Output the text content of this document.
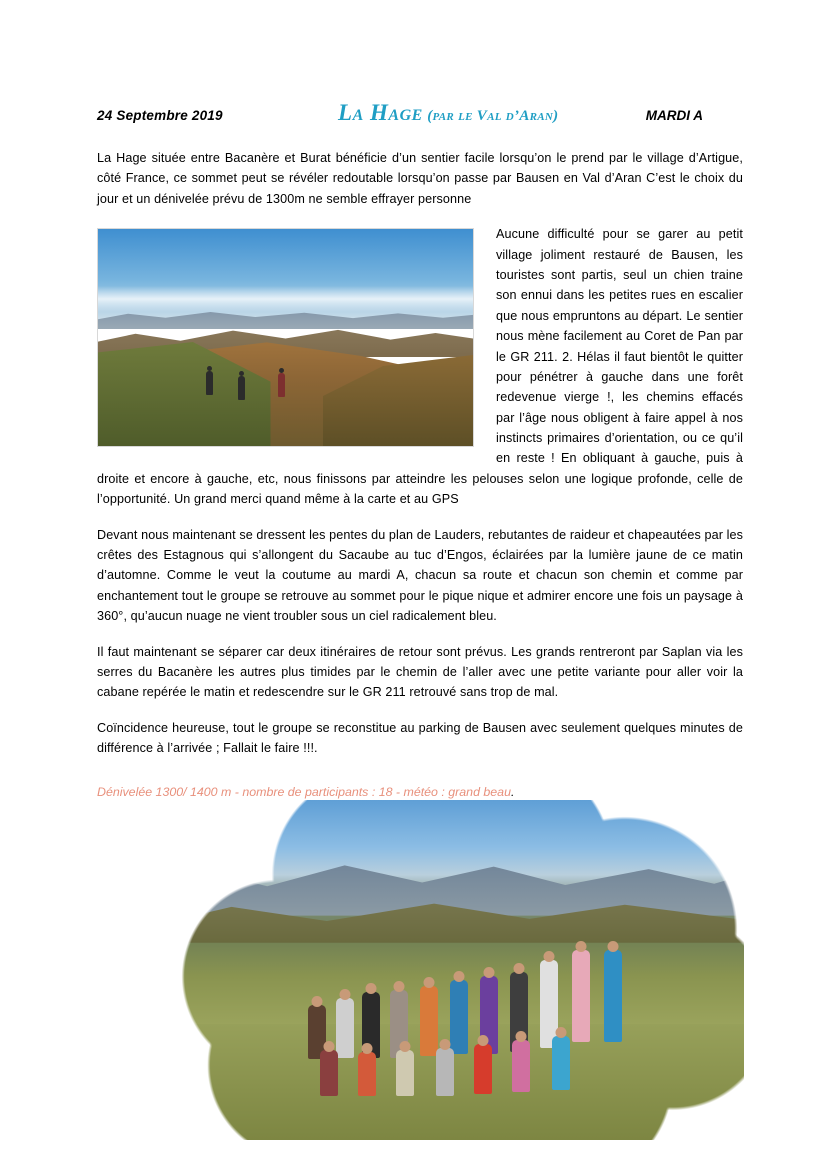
24 Septembre 2019	La Hage (par le Val d’Aran)	MARDI A

La Hage située entre Bacanère et Burat bénéficie d’un sentier facile lorsqu’on le prend par le village d’Artigue, côté France, ce sommet peut se révéler redoutable lorsqu’on passe par Bausen en Val d’Aran C’est le choix du jour et un dénivelée prévu de 1300m ne semble effrayer personne

Aucune difficulté pour se garer au petit village joliment restauré de Bausen, les touristes sont partis, seul un chien traine son ennui dans les petites rues en escalier que nous empruntons au départ. Le sentier nous mène facilement au Coret de Pan par le GR 211. 2. Hélas il faut bientôt le quitter pour pénétrer à gauche dans une forêt redevenue vierge !, les chemins effacés par l’âge nous obligent à faire appel à nos instincts primaires d’orientation, ou ce qu’il en reste ! En obliquant à gauche, puis à droite et encore à gauche, etc, nous finissons par atteindre les pelouses selon une logique profonde, celle de l’opportunité. Un grand merci quand même à la carte et au GPS

Devant nous maintenant se dressent les pentes du plan de Lauders, rebutantes de raideur et chapeautées par les crêtes des Estagnous qui s’allongent du Sacaube au tuc d’Engos, éclairées par la lumière jaune de ce matin d’automne. Comme le veut la coutume au mardi A, chacun sa route et chacun son chemin et comme par enchantement tout le groupe se retrouve au sommet pour le pique nique et admirer encore une fois un paysage à 360°, qu’aucun nuage ne vient troubler sous un ciel radicalement bleu.

Il faut maintenant se séparer car deux itinéraires de retour sont prévus. Les grands rentreront par Saplan via les serres du Bacanère les autres plus timides par le chemin de l’aller avec une petite variante pour aller voir la cabane repérée le matin et redescendre sur le GR 211 retrouvé sans trop de mal.

Coïncidence heureuse, tout le groupe se reconstitue au parking de Bausen avec seulement quelques minutes de différence à l’arrivée ; Fallait le faire !!!.

Dénivelée 1300/ 1400 m - nombre de participants : 18 - météo : grand beau.
